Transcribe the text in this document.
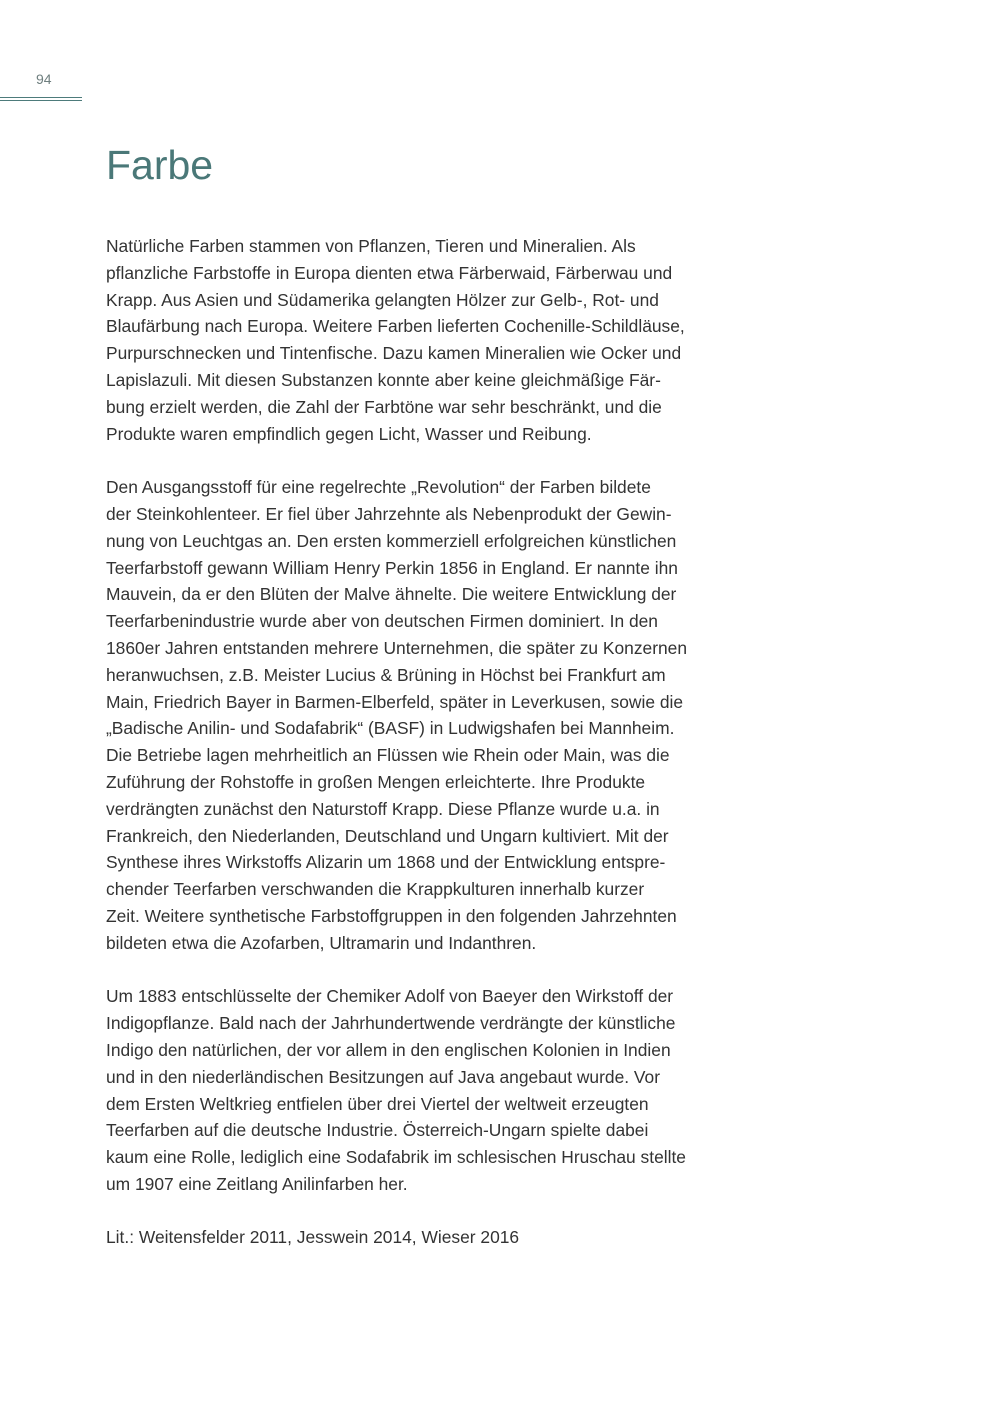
94
Farbe

Natürliche Farben stammen von Pflanzen, Tieren und Mineralien. Als
pflanzliche Farbstoffe in Europa dienten etwa Färberwaid, Färberwau und
Krapp. Aus Asien und Südamerika gelangten Hölzer zur Gelb-, Rot- und
Blaufärbung nach Europa. Weitere Farben lieferten Cochenille-Schildläuse,
Purpurschnecken und Tintenfische. Dazu kamen Mineralien wie Ocker und
Lapislazuli. Mit diesen Substanzen konnte aber keine gleichmäßige Fär-
bung erzielt werden, die Zahl der Farbtöne war sehr beschränkt, und die
Produkte waren empfindlich gegen Licht, Wasser und Reibung.

Den Ausgangsstoff für eine regelrechte „Revolution“ der Farben bildete
der Steinkohlenteer. Er fiel über Jahrzehnte als Nebenprodukt der Gewin-
nung von Leuchtgas an. Den ersten kommerziell erfolgreichen künstlichen
Teerfarbstoff gewann William Henry Perkin 1856 in England. Er nannte ihn
Mauvein, da er den Blüten der Malve ähnelte. Die weitere Entwicklung der
Teerfarbenindustrie wurde aber von deutschen Firmen dominiert. In den
1860er Jahren entstanden mehrere Unternehmen, die später zu Konzernen
heranwuchsen, z.B. Meister Lucius & Brüning in Höchst bei Frankfurt am
Main, Friedrich Bayer in Barmen-Elberfeld, später in Leverkusen, sowie die
„Badische Anilin- und Sodafabrik“ (BASF) in Ludwigshafen bei Mannheim.
Die Betriebe lagen mehrheitlich an Flüssen wie Rhein oder Main, was die
Zuführung der Rohstoffe in großen Mengen erleichterte. Ihre Produkte
verdrängten zunächst den Naturstoff Krapp. Diese Pflanze wurde u.a. in
Frankreich, den Niederlanden, Deutschland und Ungarn kultiviert. Mit der
Synthese ihres Wirkstoffs Alizarin um 1868 und der Entwicklung entspre-
chender Teerfarben verschwanden die Krappkulturen innerhalb kurzer
Zeit. Weitere synthetische Farbstoffgruppen in den folgenden Jahrzehnten
bildeten etwa die Azofarben, Ultramarin und Indanthren.

Um 1883 entschlüsselte der Chemiker Adolf von Baeyer den Wirkstoff der
Indigopflanze. Bald nach der Jahrhundertwende verdrängte der künstliche
Indigo den natürlichen, der vor allem in den englischen Kolonien in Indien
und in den niederländischen Besitzungen auf Java angebaut wurde. Vor
dem Ersten Weltkrieg entfielen über drei Viertel der weltweit erzeugten
Teerfarben auf die deutsche Industrie. Österreich-Ungarn spielte dabei
kaum eine Rolle, lediglich eine Sodafabrik im schlesischen Hruschau stellte
um 1907 eine Zeitlang Anilinfarben her.

Lit.: Weitensfelder 2011, Jesswein 2014, Wieser 2016
